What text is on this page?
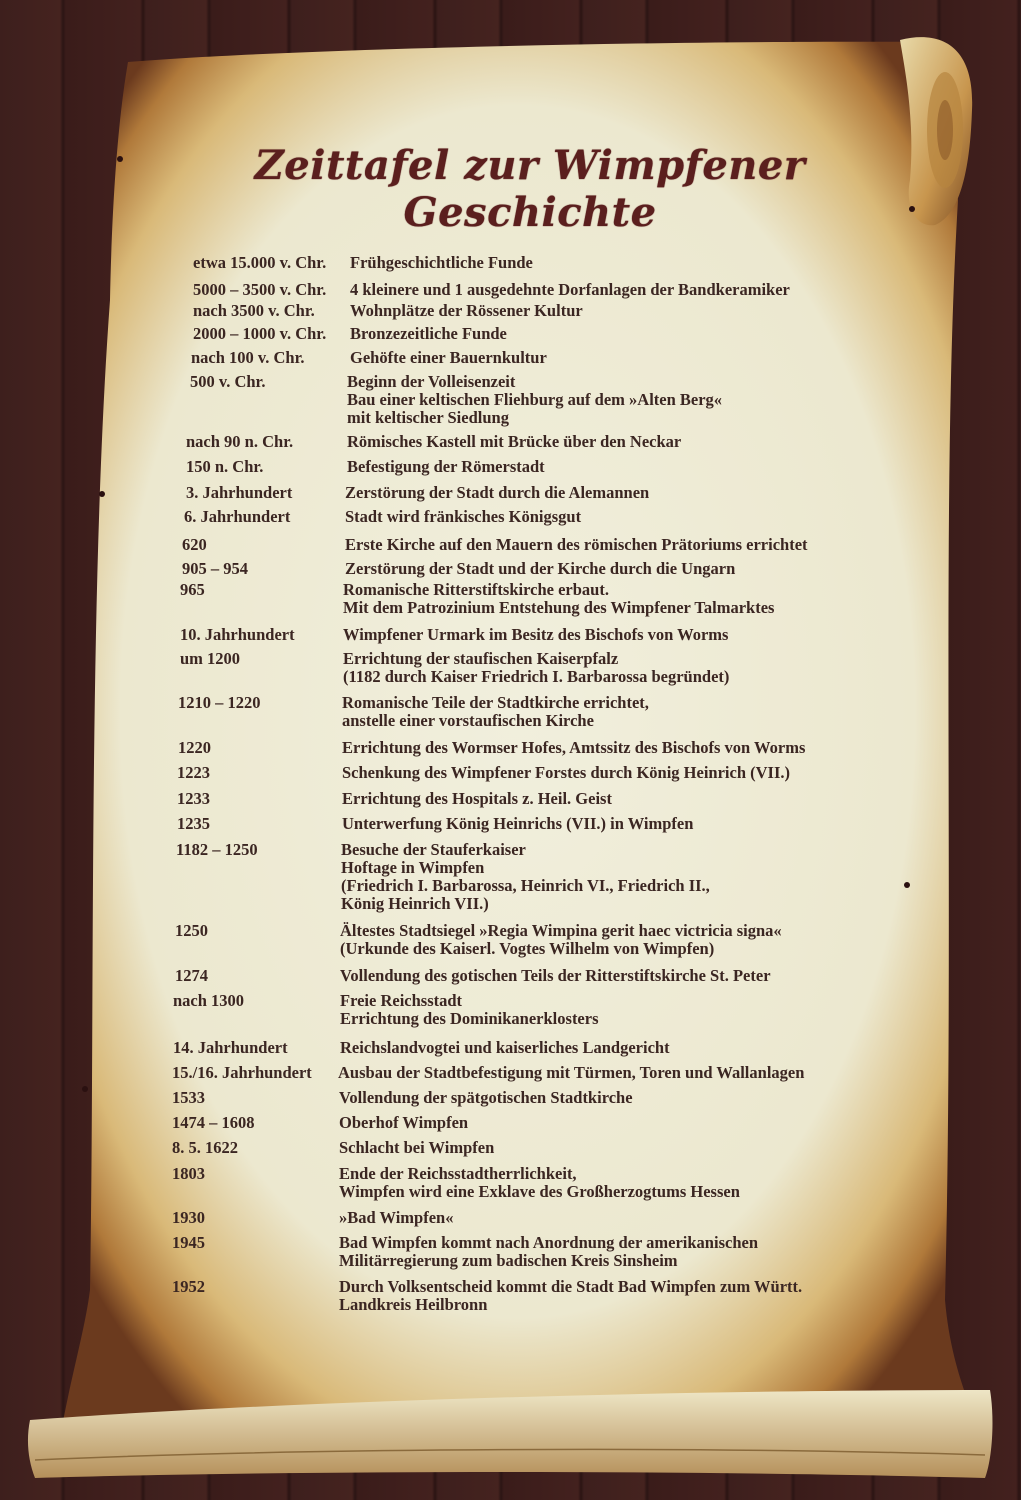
Zeittafel zur Wimpfener Geschichte
etwa 15.000 v. Chr. Frühgeschichtliche Funde
5000 – 3500 v. Chr. 4 kleinere und 1 ausgedehnte Dorfanlagen der Bandkeramiker
nach 3500 v. Chr. Wohnplätze der Rössener Kultur
2000 – 1000 v. Chr. Bronzezeitliche Funde
nach 100 v. Chr.	Gehöfte einer Bauernkultur
500 v. Chr.	Beginn der Volleisenzeit
Bau einer keltischen Fliehburg auf dem »Alten Berg«
mit keltischer Siedlung
nach 90 n. Chr.	Römisches Kastell mit Brücke über den Neckar
150 n. Chr.	Befestigung der Römerstadt
3. Jahrhundert	Zerstörung der Stadt durch die Alemannen
6. Jahrhundert	Stadt wird fränkisches Königsgut
620	Erste Kirche auf den Mauern des römischen Prätoriums errichtet
905 – 954	Zerstörung der Stadt und der Kirche durch die Ungarn
965	Romanische Ritterstiftskirche erbaut.
Mit dem Patrozinium Entstehung des Wimpfener Talmarktes
10. Jahrhundert	Wimpfener Urmark im Besitz des Bischofs von Worms
um 1200	Errichtung der staufischen Kaiserpfalz
(1182 durch Kaiser Friedrich I. Barbarossa begründet)
1210 – 1220	Romanische Teile der Stadtkirche errichtet,
anstelle einer vorstaufischen Kirche
1220	Errichtung des Wormser Hofes, Amtssitz des Bischofs von Worms
1223	Schenkung des Wimpfener Forstes durch König Heinrich (VII.)
1233	Errichtung des Hospitals z. Heil. Geist
1235	Unterwerfung König Heinrichs (VII.) in Wimpfen
1182 – 1250	Besuche der Stauferkaiser
Hoftage in Wimpfen
(Friedrich I. Barbarossa, Heinrich VI., Friedrich II.,
König Heinrich VII.)
1250	Ältestes Stadtsiegel »Regia Wimpina gerit haec victricia signa«
(Urkunde des Kaiserl. Vogtes Wilhelm von Wimpfen)
1274	Vollendung des gotischen Teils der Ritterstiftskirche St. Peter
nach 1300	Freie Reichsstadt
Errichtung des Dominikanerklosters
14. Jahrhundert	Reichslandvogtei und kaiserliches Landgericht
15./16. Jahrhundert Ausbau der Stadtbefestigung mit Türmen, Toren und Wallanlagen
1533	Vollendung der spätgotischen Stadtkirche
1474 – 1608	Oberhof Wimpfen
8. 5. 1622	Schlacht bei Wimpfen
1803	Ende der Reichsstadtherrlichkeit,
Wimpfen wird eine Exklave des Großherzogtums Hessen
1930	»Bad Wimpfen«
1945	Bad Wimpfen kommt nach Anordnung der amerikanischen
Militärregierung zum badischen Kreis Sinsheim
1952	Durch Volksentscheid kommt die Stadt Bad Wimpfen zum Württ.
Landkreis Heilbronn
